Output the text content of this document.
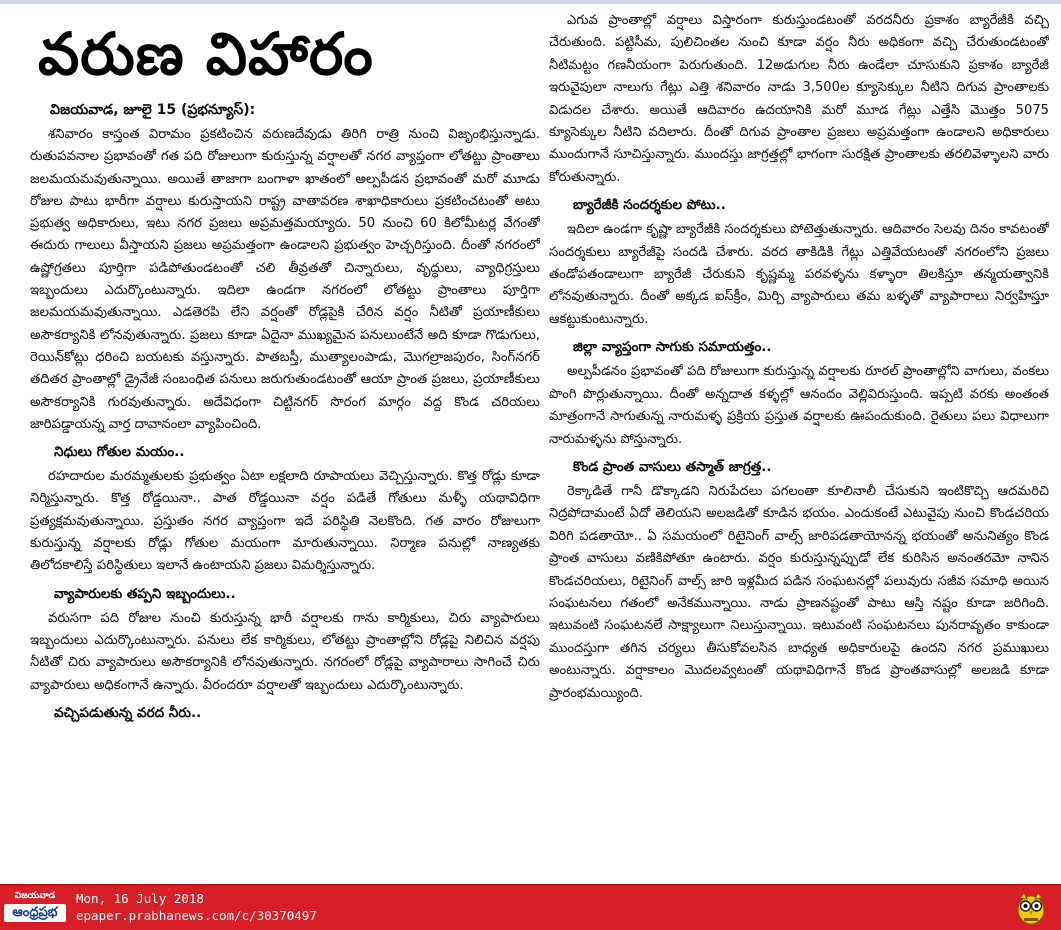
వరుణ విహారం
విజయవాడ, జూలై 15 (ప్రభన్యూస్):

శనివారం కాస్తంత విరామం ప్రకటించిన వరుణదేవుడు తిరిగి రాత్రి నుంచి విజృంభిస్తున్నాడు. రుతుపవనాల ప్రభావంతో గత పది రోజులుగా కురుస్తున్న వర్షాలతో నగర వ్యాప్తంగా లోతట్టు ప్రాంతాలు జలమయమవుతున్నాయి. అయితే తాజాగా బంగాళా ఖాతంలో అల్పపీడన ప్రభావంతో మరో మూడు రోజుల పాటు భారీగా వర్షాలు కురుస్తాయని రాష్ట్ర వాతావరణ శాఖాధికారులు ప్రకటించటంతో అటు ప్రభుత్వ అధికారులు, ఇటు నగర ప్రజలు అప్రమత్తమయ్యారు. 50 నుంచి 60 కిలోమీటర్ల వేగంతో ఈదురు గాలులు వీస్తాయని ప్రజలు అప్రమత్తంగా ఉండాలని ప్రభుత్వం హెచ్చరిస్తుంది. దీంతో నగరంలో ఉష్ణోగ్రతలు పూర్తిగా పడిపోతుండటంతో చలి తీవ్రతతో చిన్నారులు, వృద్ధులు, వ్యాధిగ్రస్తులు ఇబ్బందులు ఎదుర్కొంటున్నారు. ఇదిలా ఉండగా నగరంలో లోతట్టు ప్రాంతాలు పూర్తిగా జలమయమవుతున్నాయి. ఎడతెరపి లేని వర్షంతో రోడ్లపైకి చేరిన వర్షం నీటితో ప్రయాణీకులు అసౌకర్యానికి లోనవుతున్నారు. ప్రజలు కూడా ఏదైనా ముఖ్యమైన పనులుంటేనే అది కూడా గొడుగులు, రెయిన్‌కోట్లు ధరించి బయటకు వస్తున్నారు. పాతబస్తీ, ముత్యాలంపాడు, మొగల్రాజపురం, సింగ్‌నగర్ తదితర ప్రాంతాల్లో డ్రైనేజీ సంబంధిత పనులు జరుగుతుండటంతో ఆయా ప్రాంత ప్రజలు, ప్రయాణీకులు అసౌకర్యానికి గురవుతున్నారు. అదేవిధంగా చిట్టినగర్ సొరంగ మార్గం వద్ద కొండ చరియలు జారిపడ్డాయన్న వార్త దావానంలా వ్యాపించింది.

నిధులు గోతుల మయం..

రహదారుల మరమ్మతులకు ప్రభుత్వం ఏటా లక్షలాది రూపాయలు వెచ్చిస్తున్నారు. కొత్త రోడ్లు కూడా నిర్మిస్తున్నారు. కొత్త రోడ్డయినా.. పాత రోడ్డయినా వర్షం పడితే గోతులు మళ్ళీ యథావిధిగా ప్రత్యక్షమవుతున్నాయి. ప్రస్తుతం నగర వ్యాప్తంగా ఇదే పరిస్థితి నెలకొంది. గత వారం రోజులుగా కురుస్తున్న వర్షాలకు రోడ్లు గోతుల మయంగా మారుతున్నాయి. నిర్మాణ పనుల్లో నాణ్యతకు తిలోదకాలిస్తే పరిస్థితులు ఇలానే ఉంటాయని ప్రజలు విమర్శిస్తున్నారు.

వ్యాపారులకు తప్పని ఇబ్బందులు..

వరుసగా పది రోజుల నుంచి కురుస్తున్న భారీ వర్షాలకు గాను కార్మికులు, చిరు వ్యాపారులు ఇబ్బందులు ఎదుర్కొంటున్నారు. పనులు లేక కార్మికులు, లోతట్టు ప్రాంతాల్లోని రోడ్లపై నిలిచిన వర్షపు నీటితో చిరు వ్యాపారులు అసౌకర్యానికి లోనవుతున్నారు. నగరంలో రోడ్లపై వ్యాపారాలు సాగించే చిరు వ్యాపారులు అధికంగానే ఉన్నారు. వీరందరూ వర్షాలతో ఇబ్బందులు ఎదుర్కొంటున్నారు.

వచ్చిపడుతున్న వరద నీరు..

ఎగువ ప్రాంతాల్లో వర్షాలు విస్తారంగా కురుస్తుండటంతో వరదనీరు ప్రకాశం బ్యారేజీకి వచ్చి చేరుతుంది. పట్టిసీమ, పులిచింతల నుంచి కూడా వర్షం నీరు అధికంగా వచ్చి చేరుతుండటంతో నీటిమట్టం గణనీయంగా పెరుగుతుంది. 12అడుగుల నీరు ఉండేలా చూసుకుని ప్రకాశం బ్యారేజీ ఇరువైపులా నాలుగు గేట్లు ఎత్తి శనివారం నాడు 3,500ల క్యూసెక్కుల నీటిని దిగువ ప్రాంతాలకు విడుదల చేశారు. అయితే ఆదివారం ఉదయానికి మరో మూడ గేట్లు ఎత్తేసి మొత్తం 5075 క్యూసెక్కుల నీటిని వదిలారు. దీంతో దిగువ ప్రాంతాల ప్రజలు అప్రమత్తంగా ఉండాలని అధికారులు ముందుగానే సూచిస్తున్నారు. ముందస్తు జాగ్రత్తల్లో భాగంగా సురక్షిత ప్రాంతాలకు తరలివెళ్ళాలని వారు కోరుతున్నారు.

బ్యారేజీకి సందర్శకుల పోటు..

ఇదిలా ఉండగా కృష్ణా బ్యారేజీకి సందర్శకులు పోటెత్తుతున్నారు. ఆదివారం సెలవు దినం కావటంతో సందర్శకులు బ్యారేజీపై సందడి చేశారు. వరద తాకిడికి గేట్లు ఎత్తివేయటంతో నగరంలోని ప్రజలు తండోపతండాలుగా బ్యారేజీ చేరుకుని కృష్ణమ్మ పరవళ్ళను కళ్ళారా తిలకిస్తూ తన్మయత్వానికి లోనవుతున్నారు. దీంతో అక్కడ ఐస్‌క్రీం, మిర్చి వ్యాపారులు తమ బళ్ళతో వ్యాపారాలు నిర్వహిస్తూ ఆకట్టుకుంటున్నారు.

జిల్లా వ్యాప్తంగా సాగుకు సమాయత్తం..

అల్పపీడనం ప్రభావంతో పది రోజులుగా కురుస్తున్న వర్షాలకు రూరల్ ప్రాంతాల్లోని వాగులు, వంకలు పొంగి పొర్లుతున్నాయి. దీంతో అన్నదాత కళ్ళల్లో ఆనందం వెల్లివిరుస్తుంది. ఇప్పటి వరకు అంతంత మాత్రంగానే సాగుతున్న నారుమళ్ళ ప్రక్రియ ప్రస్తుత వర్షాలకు ఊపందుకుంది. రైతులు పలు విధాలుగా నారుమళ్ళను పోస్తున్నారు.

కొండ ప్రాంత వాసులు తస్మాత్ జాగ్రత్త..

రెక్కాడితే గానీ డొక్కాడని నిరుపేదలు పగలంతా కూలినాలీ చేసుకుని ఇంటికొచ్చి ఆదమరిచి నిద్రపోదామంటే ఏదో తెలియని అలజడితో కూడిన భయం. ఎందుకంటే ఎటువైపు నుంచి కొండచరియ విరిగి పడతాయో.. ఏ సమయంలో రిటైనింగ్ వాల్స్ జారిపడతాయోనన్న భయంతో అనునిత్యం కొండ ప్రాంత వాసులు వణికిపోతూ ఉంటారు. వర్షం కురుస్తున్నప్పుడో లేక కురిసిన అనంతరమో నానిన కొండచరియలు, రిటైనింగ్ వాల్స్ జారి ఇళ్లమీద పడిన సంఘటనల్లో పలువురు సజీవ సమాధి అయిన సంఘటనలు గతంలో అనేకమున్నాయి. నాడు ప్రాణనష్టంతో పాటు ఆస్తి నష్టం కూడా జరిగింది. ఇటువంటి సంఘటనలే సాక్ష్యాలుగా నిలుస్తున్నాయి. ఇటువంటి సంఘటనలు పునరావృతం కాకుండా ముందస్తుగా తగిన చర్యలు తీసుకోవలసిన బాధ్యత అధికారులపై ఉందని నగర ప్రముఖులు అంటున్నారు. వర్షాకాలం మొదలవ్వటంతో యథావిధిగానే కొండ ప్రాంతవాసుల్లో అలజడి కూడా ప్రారంభమయ్యింది.

విజయవాడ
ఆంధ్రప్రభ
Mon, 16 July 2018
epaper.prabhanews.com/c/30370497
